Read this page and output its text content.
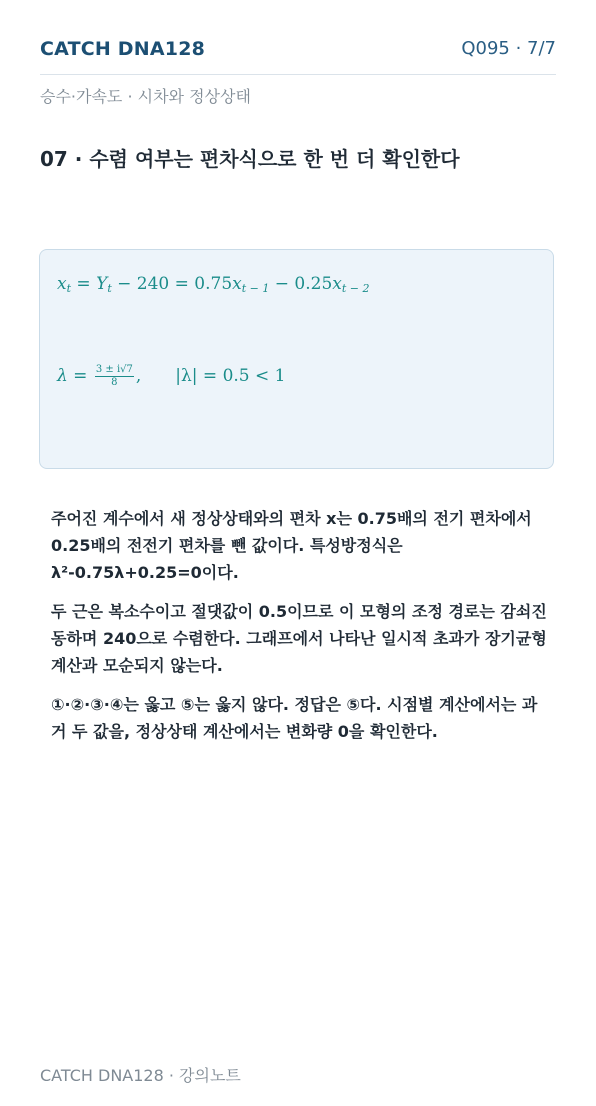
CATCH DNA128	Q095 · 7/7
승수·가속도 · 시차와 정상상태
07 · 수렴 여부는 편차식으로 한 번 더 확인한다
$x_t = Y_t - 240 = 0.75x_{t - 1} - 0.25x_{t - 2}$
$\lambda = \frac{3 \pm i√7}{8}$ , |λ| = 0.5 < 1

주어진 계수에서 새 정상상태와의 편차 x는 0.75배의 전기 편차에서 0.25배의 전전기 편차를 뺀 값이다. 특성방정식은 λ²-0.75λ+0.25=0이다.

두 근은 복소수이고 절댓값이 0.5이므로 이 모형의 조정 경로는 감쇠진동하며 240으로 수렴한다. 그래프에서 나타난 일시적 초과가 장기균형 계산과 모순되지 않는다.

①·②·③·④는 옳고 ⑤는 옳지 않다. 정답은 ⑤다. 시점별 계산에서는 과거 두 값을, 정상상태 계산에서는 변화량 0을 확인한다.

CATCH DNA128 · 강의노트
